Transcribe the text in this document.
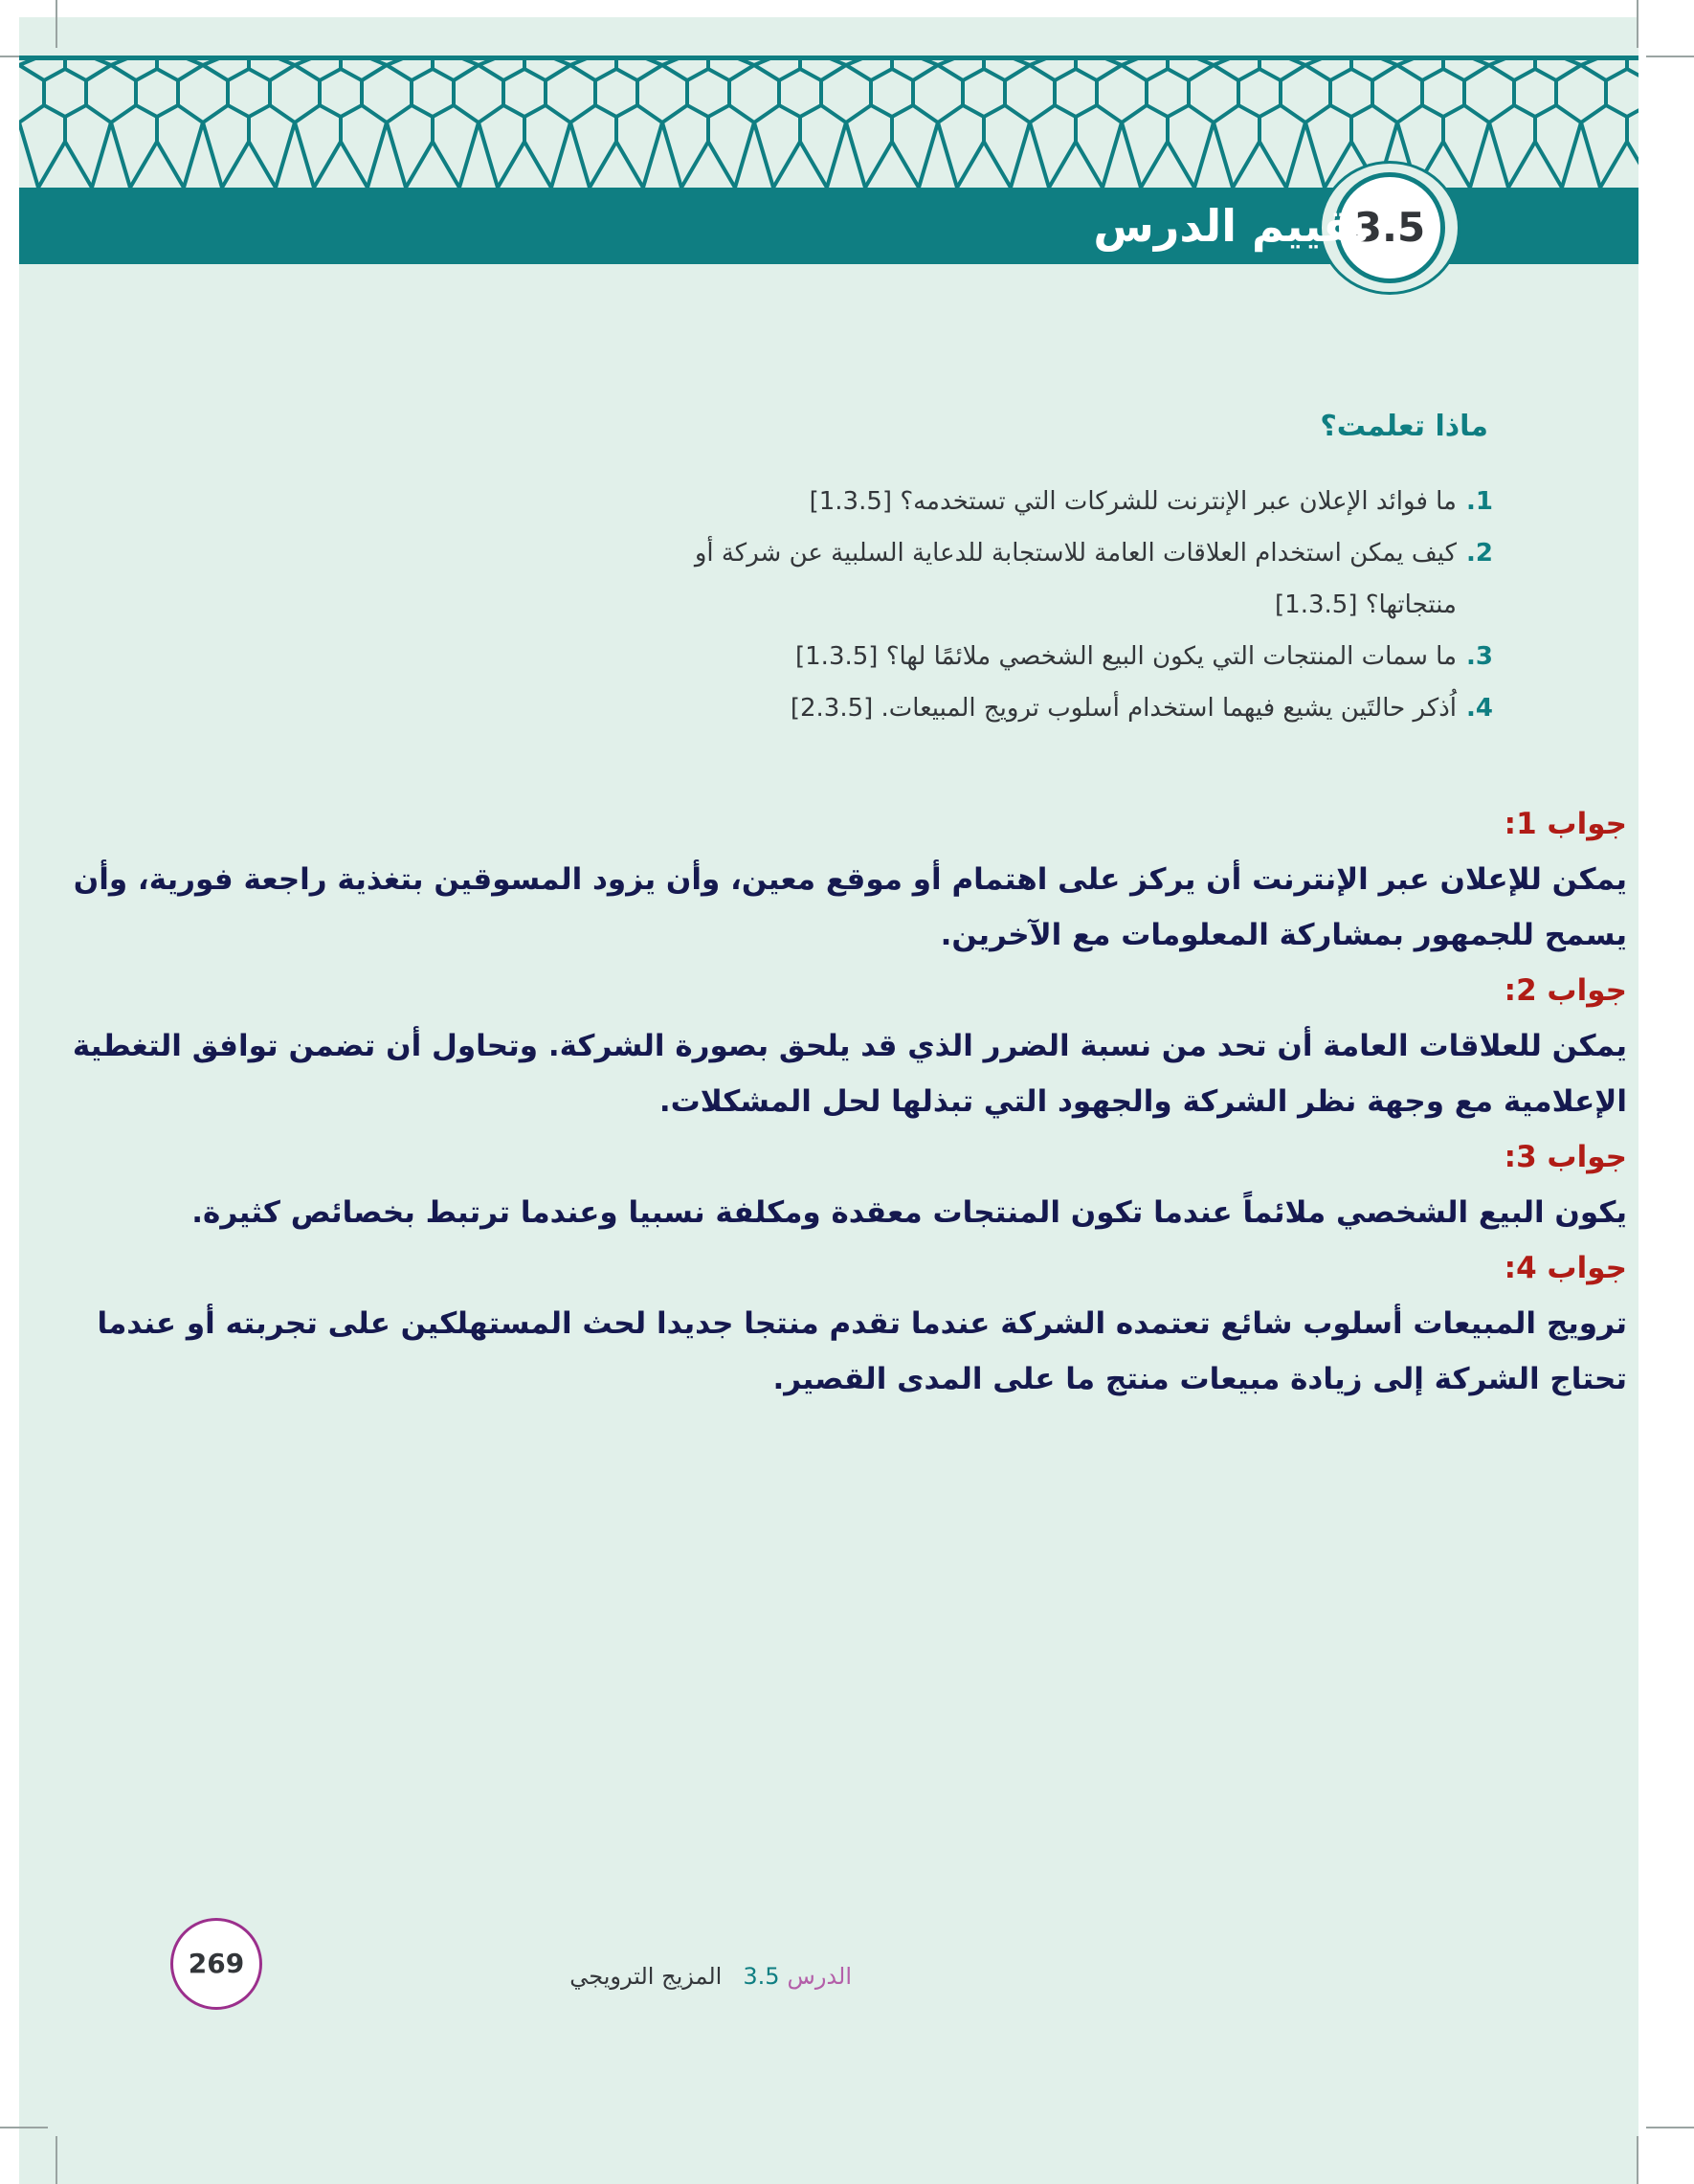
3.5
تقييم الدرس
ماذا تعلمت؟
.1
ما فوائد الإعلان عبر الإنترنت للشركات التي تستخدمه؟ [1.3.5]
.2
كيف يمكن استخدام العلاقات العامة للاستجابة للدعاية السلبية عن شركة أو
منتجاتها؟ [1.3.5]
.3
ما سمات المنتجات التي يكون البيع الشخصي ملائمًا لها؟ [1.3.5]
.4
اُذكر حالتَين يشيع فيهما استخدام أسلوب ترويج المبيعات. [2.3.5]
جواب 1:
يمكن للإعلان عبر الإنترنت أن يركز على اهتمام أو موقع معين، وأن يزود المسوقين بتغذية راجعة فورية، وأن يسمح للجمهور بمشاركة المعلومات مع الآخرين.
جواب 2:
يمكن للعلاقات العامة أن تحد من نسبة الضرر الذي قد يلحق بصورة الشركة. وتحاول أن تضمن توافق التغطية الإعلامية مع وجهة نظر الشركة والجهود التي تبذلها لحل المشكلات.
جواب 3:
يكون البيع الشخصي ملائماً عندما تكون المنتجات معقدة ومكلفة نسبيا وعندما ترتبط بخصائص كثيرة.
جواب 4:
ترويج المبيعات أسلوب شائع تعتمده الشركة عندما تقدم منتجا جديدا لحث المستهلكين على تجربته أو عندما تحتاج الشركة إلى زيادة مبيعات منتج ما على المدى القصير.
269	الدرس3.5المزيج الترويجي
